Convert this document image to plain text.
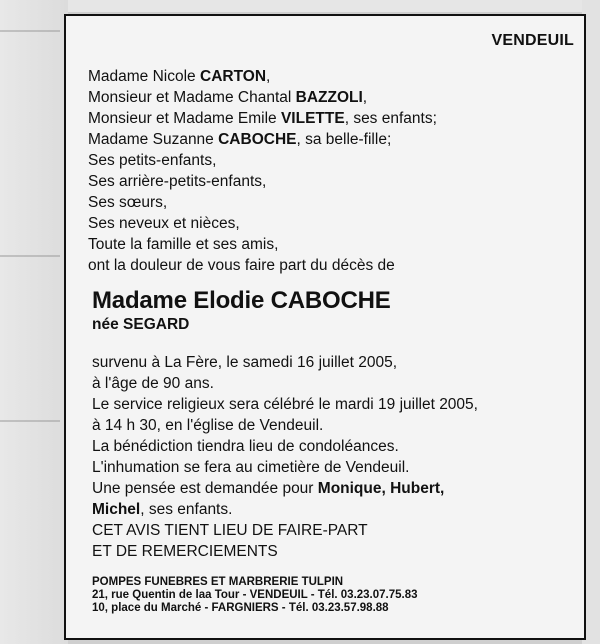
VENDEUIL
Madame Nicole CARTON,
Monsieur et Madame Chantal BAZZOLI,
Monsieur et Madame Emile VILETTE, ses enfants;
Madame Suzanne CABOCHE, sa belle-fille;
Ses petits-enfants,
Ses arrière-petits-enfants,
Ses sœurs,
Ses neveux et nièces,
Toute la famille et ses amis,
ont la douleur de vous faire part du décès de
Madame Elodie CABOCHE
née SEGARD
survenu à La Fère, le samedi 16 juillet 2005,
à l'âge de 90 ans.
Le service religieux sera célébré le mardi 19 juillet 2005,
à 14 h 30, en l'église de Vendeuil.
La bénédiction tiendra lieu de condoléances.
L'inhumation se fera au cimetière de Vendeuil.
Une pensée est demandée pour Monique, Hubert,
Michel, ses enfants.
CET AVIS TIENT LIEU DE FAIRE-PART
ET DE REMERCIEMENTS
POMPES FUNEBRES ET MARBRERIE TULPIN
21, rue Quentin de laa Tour - VENDEUIL - Tél. 03.23.07.75.83
10, place du Marché - FARGNIERS - Tél. 03.23.57.98.88
